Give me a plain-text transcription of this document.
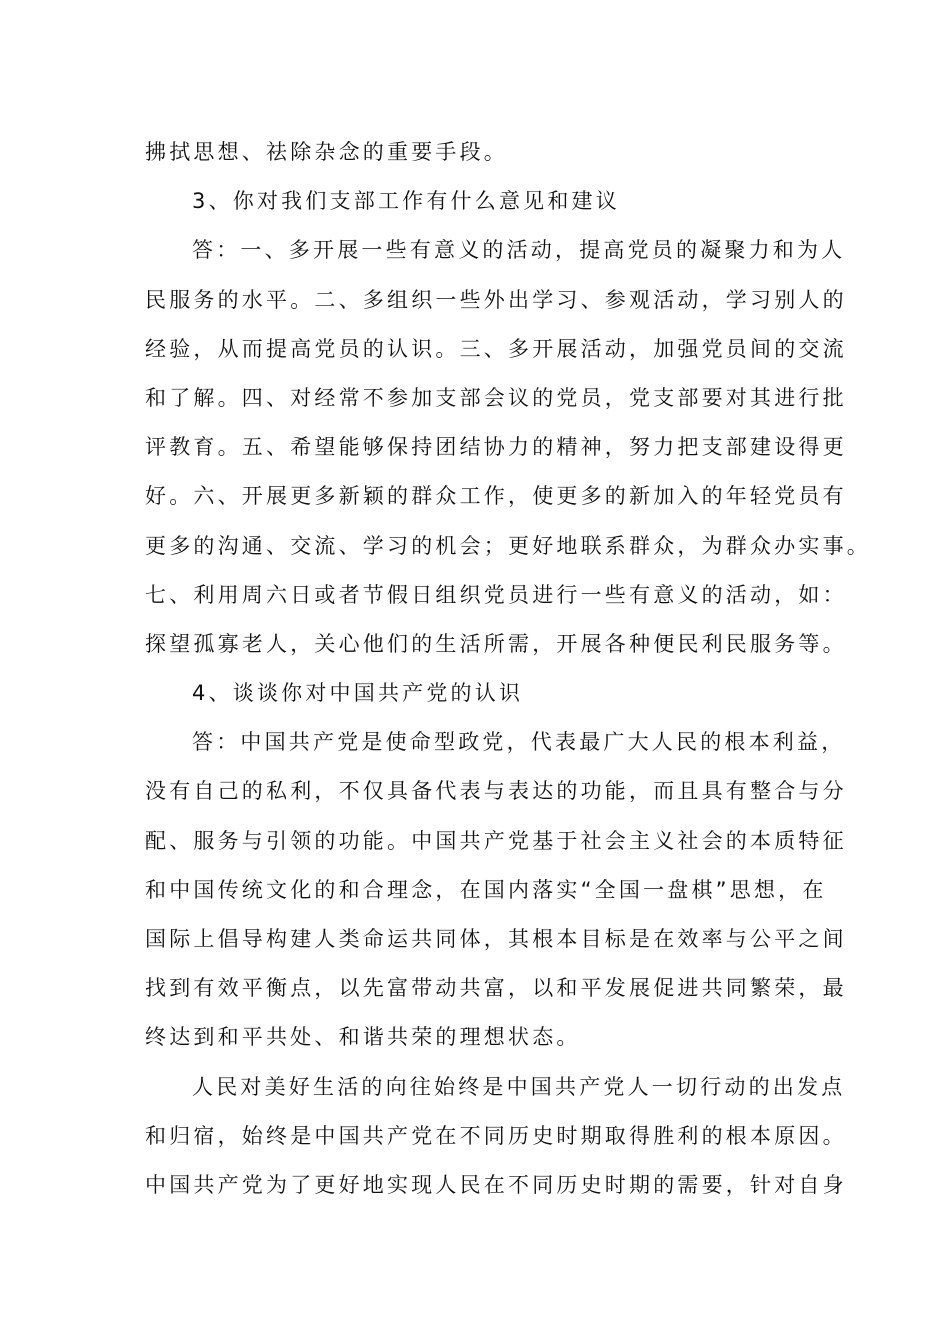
拂拭思想、祛除杂念的重要手段。
3、你对我们支部工作有什么意见和建议
答：一、多开展一些有意义的活动，提高党员的凝聚力和为人
民服务的水平。二、多组织一些外出学习、参观活动，学习别人的
经验，从而提高党员的认识。三、多开展活动，加强党员间的交流
和了解。四、对经常不参加支部会议的党员，党支部要对其进行批
评教育。五、希望能够保持团结协力的精神，努力把支部建设得更
好。六、开展更多新颖的群众工作，使更多的新加入的年轻党员有
更多的沟通、交流、学习的机会；更好地联系群众，为群众办实事。
七、利用周六日或者节假日组织党员进行一些有意义的活动，如：
探望孤寡老人，关心他们的生活所需，开展各种便民利民服务等。
4、谈谈你对中国共产党的认识
答：中国共产党是使命型政党，代表最广大人民的根本利益，
没有自己的私利，不仅具备代表与表达的功能，而且具有整合与分
配、服务与引领的功能。中国共产党基于社会主义社会的本质特征
和中国传统文化的和合理念，在国内落实“全国一盘棋”思想，在
国际上倡导构建人类命运共同体，其根本目标是在效率与公平之间
找到有效平衡点，以先富带动共富，以和平发展促进共同繁荣，最
终达到和平共处、和谐共荣的理想状态。
人民对美好生活的向往始终是中国共产党人一切行动的出发点
和归宿，始终是中国共产党在不同历史时期取得胜利的根本原因。
中国共产党为了更好地实现人民在不同历史时期的需要，针对自身
